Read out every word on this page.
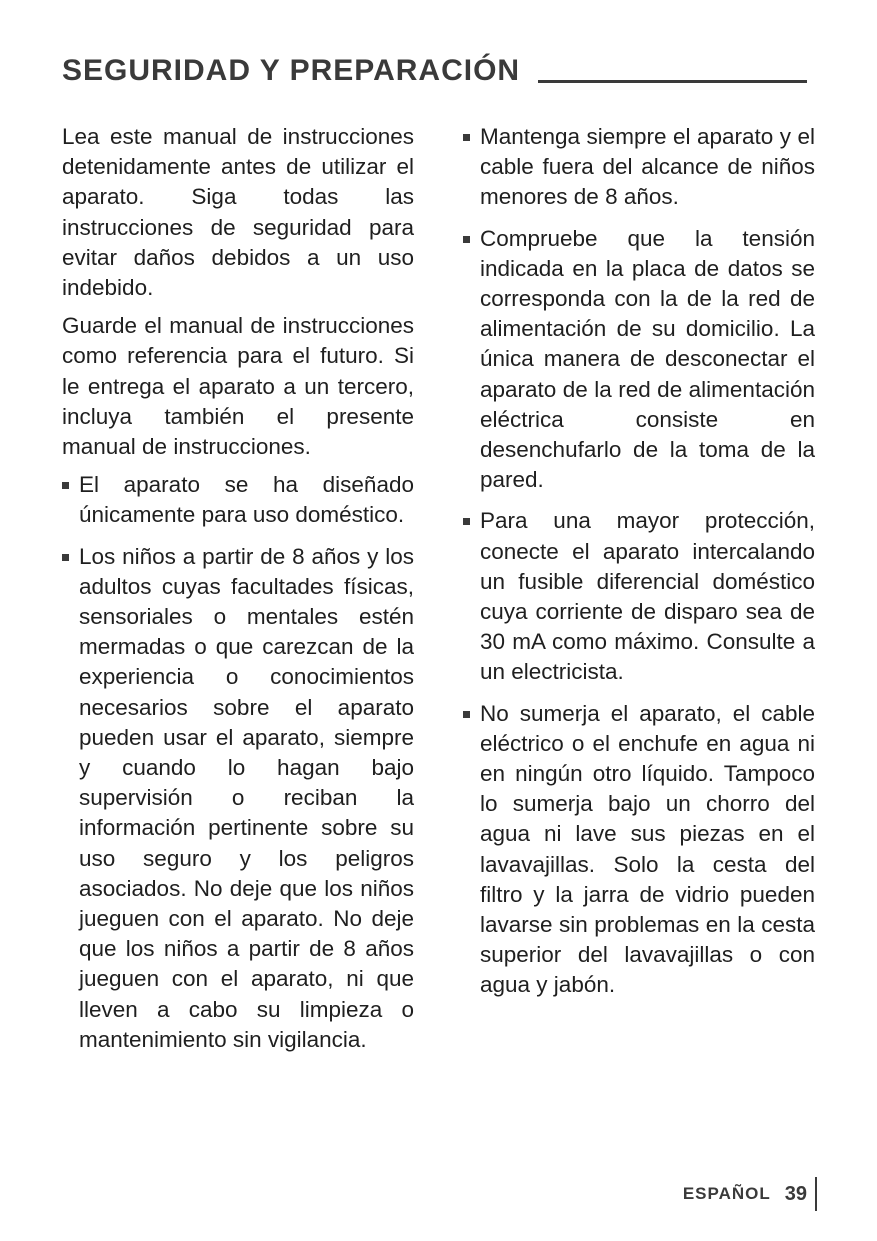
SEGURIDAD Y PREPARACIÓN

Lea este manual de instrucciones detenidamente antes de utilizar el aparato. Siga todas las instrucciones de seguridad para evitar daños debidos a un uso indebido.

Guarde el manual de instrucciones como referencia para el futuro. Si le entrega el aparato a un tercero, incluya también el presente manual de instrucciones.

El aparato se ha diseñado únicamente para uso doméstico.
Los niños a partir de 8 años y los adultos cuyas facultades físicas, sensoriales o mentales estén mermadas o que carezcan de la experiencia o conocimientos necesarios sobre el aparato pueden usar el aparato, siempre y cuando lo hagan bajo supervisión o reciban la información pertinente sobre su uso seguro y los peligros asociados. No deje que los niños jueguen con el aparato. No deje que los niños a partir de 8 años jueguen con el aparato, ni que lleven a cabo su limpieza o mantenimiento sin vigilancia.
Mantenga siempre el aparato y el cable fuera del alcance de niños menores de 8 años.
Compruebe que la tensión indicada en la placa de datos se corresponda con la de la red de alimentación de su domicilio. La única manera de desconectar el aparato de la red de alimentación eléctrica consiste en desenchufarlo de la toma de la pared.
Para una mayor protección, conecte el aparato intercalando un fusible diferencial doméstico cuya corriente de disparo sea de 30 mA como máximo. Consulte a un electricista.
No sumerja el aparato, el cable eléctrico o el enchufe en agua ni en ningún otro líquido. Tampoco lo sumerja bajo un chorro del agua ni lave sus piezas en el lavavajillas. Solo la cesta del filtro y la jarra de vidrio pueden lavarse sin problemas en la cesta superior del lavavajillas o con agua y jabón.
ESPAÑOL 39
